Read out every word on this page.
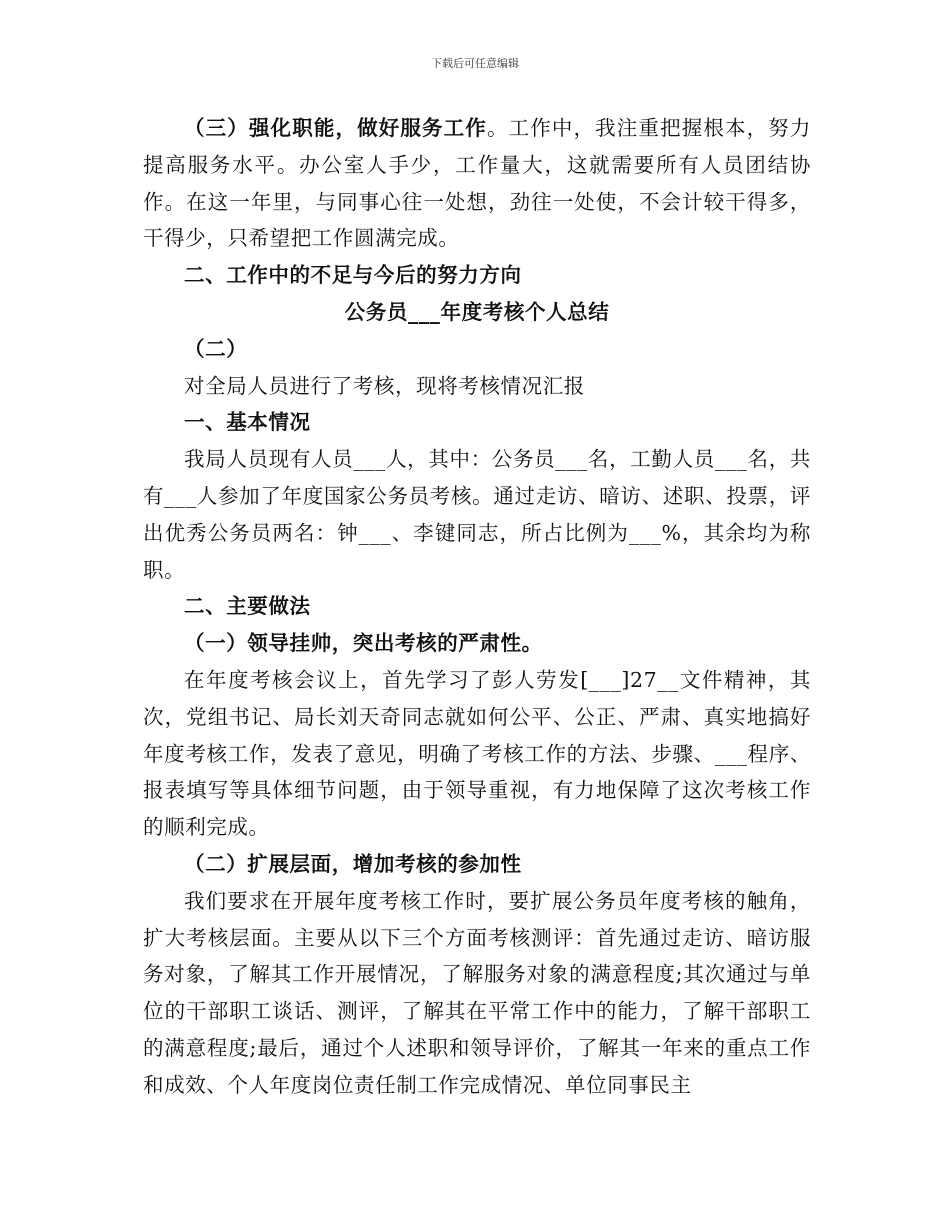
下载后可任意编辑

（三）强化职能，做好服务工作。工作中，我注重把握根本，努力提高服务水平。办公室人手少，工作量大，这就需要所有人员团结协作。在这一年里，与同事心往一处想，劲往一处使，不会计较干得多，干得少，只希望把工作圆满完成。

二、工作中的不足与今后的努力方向

公务员___年度考核个人总结

（二）

对全局人员进行了考核，现将考核情况汇报

一、基本情况

我局人员现有人员___人，其中：公务员___名，工勤人员___名，共有___人参加了年度国家公务员考核。通过走访、暗访、述职、投票，评出优秀公务员两名：钟___、李键同志，所占比例为___%，其余均为称职。

二、主要做法

（一）领导挂帅，突出考核的严肃性。

在年度考核会议上，首先学习了彭人劳发[___]27__文件精神，其次，党组书记、局长刘天奇同志就如何公平、公正、严肃、真实地搞好年度考核工作，发表了意见，明确了考核工作的方法、步骤、___程序、报表填写等具体细节问题，由于领导重视，有力地保障了这次考核工作的顺利完成。

（二）扩展层面，增加考核的参加性

我们要求在开展年度考核工作时，要扩展公务员年度考核的触角，扩大考核层面。主要从以下三个方面考核测评：首先通过走访、暗访服务对象，了解其工作开展情况，了解服务对象的满意程度;其次通过与单位的干部职工谈话、测评，了解其在平常工作中的能力，了解干部职工的满意程度;最后，通过个人述职和领导评价，了解其一年来的重点工作和成效、个人年度岗位责任制工作完成情况、单位同事民主
